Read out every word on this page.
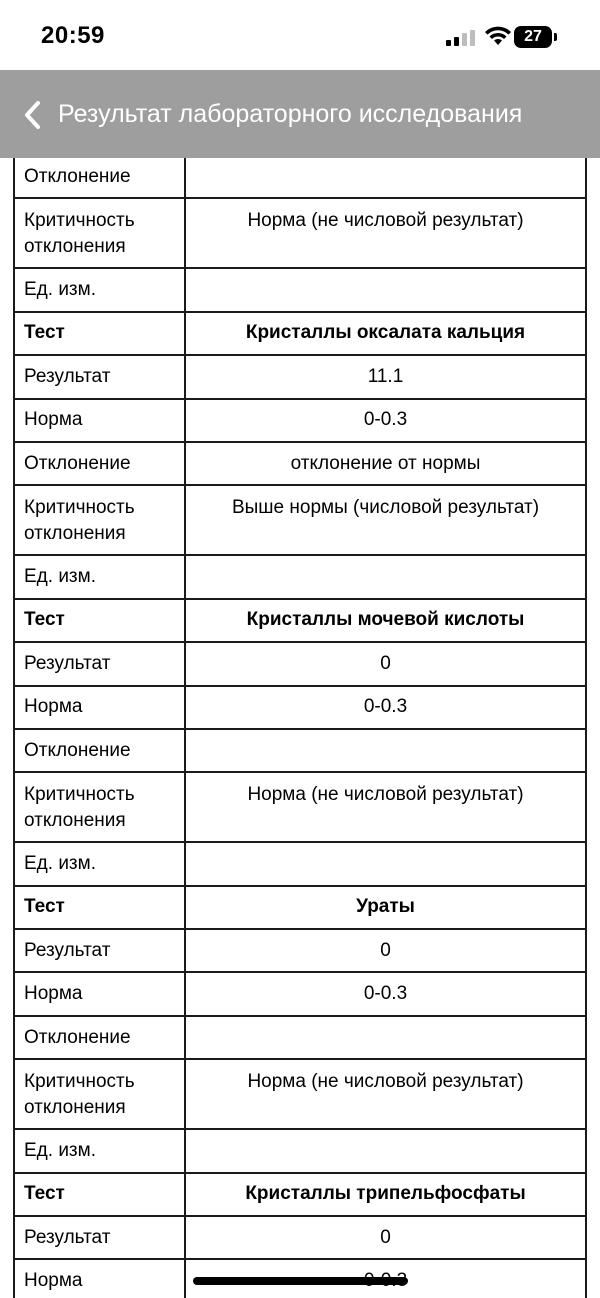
20:59	27
Результат лабораторного исследования
Отклонение	
Критичность отклонения	Норма (не числовой результат)
Ед. изм.	
Тест	Кристаллы оксалата кальция
Результат	11.1
Норма	0-0.3
Отклонение	отклонение от нормы
Критичность отклонения	Выше нормы (числовой результат)
Ед. изм.	
Тест	Кристаллы мочевой кислоты
Результат	0
Норма	0-0.3
Отклонение	
Критичность отклонения	Норма (не числовой результат)
Ед. изм.	
Тест	Ураты
Результат	0
Норма	0-0.3
Отклонение	
Критичность отклонения	Норма (не числовой результат)
Ед. изм.	
Тест	Кристаллы трипельфосфаты
Результат	0
Норма	
